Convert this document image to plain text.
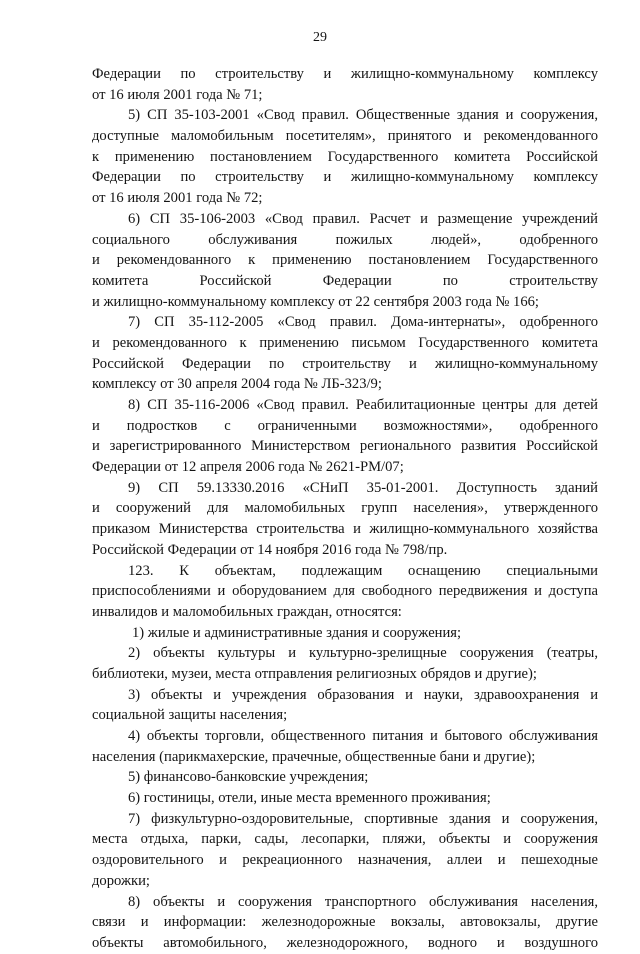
29
Федерации по строительству и жилищно-коммунальному комплексу
от 16 июля 2001 года № 71;
5) СП 35-103-2001 «Свод правил. Общественные здания и сооружения,
доступные маломобильным посетителям», принятого и рекомендованного
к применению постановлением Государственного комитета Российской
Федерации по строительству и жилищно-коммунальному комплексу
от 16 июля 2001 года № 72;
6) СП 35-106-2003 «Свод правил. Расчет и размещение учреждений
социального обслуживания пожилых людей», одобренного
и рекомендованного к применению постановлением Государственного
комитета Российской Федерации по строительству
и жилищно-коммунальному комплексу от 22 сентября 2003 года № 166;
7) СП 35-112-2005 «Свод правил. Дома-интернаты», одобренного
и рекомендованного к применению письмом Государственного комитета
Российской Федерации по строительству и жилищно-коммунальному
комплексу от 30 апреля 2004 года № ЛБ-323/9;
8) СП 35-116-2006 «Свод правил. Реабилитационные центры для детей
и подростков с ограниченными возможностями», одобренного
и зарегистрированного Министерством регионального развития Российской
Федерации от 12 апреля 2006 года № 2621-РМ/07;
9) СП 59.13330.2016 «СНиП 35-01-2001. Доступность зданий
и сооружений для маломобильных групп населения», утвержденного
приказом Министерства строительства и жилищно-коммунального хозяйства
Российской Федерации от 14 ноября 2016 года № 798/пр.
123. К объектам, подлежащим оснащению специальными
приспособлениями и оборудованием для свободного передвижения и доступа
инвалидов и маломобильных граждан, относятся:
1) жилые и административные здания и сооружения;
2) объекты культуры и культурно-зрелищные сооружения (театры,
библиотеки, музеи, места отправления религиозных обрядов и другие);
3) объекты и учреждения образования и науки, здравоохранения и
социальной защиты населения;
4) объекты торговли, общественного питания и бытового обслуживания
населения (парикмахерские, прачечные, общественные бани и другие);
5) финансово-банковские учреждения;
6) гостиницы, отели, иные места временного проживания;
7) физкультурно-оздоровительные, спортивные здания и сооружения,
места отдыха, парки, сады, лесопарки, пляжи, объекты и сооружения
оздоровительного и рекреационного назначения, аллеи и пешеходные
дорожки;
8) объекты и сооружения транспортного обслуживания населения,
связи и информации: железнодорожные вокзалы, автовокзалы, другие
объекты автомобильного, железнодорожного, водного и воздушного
